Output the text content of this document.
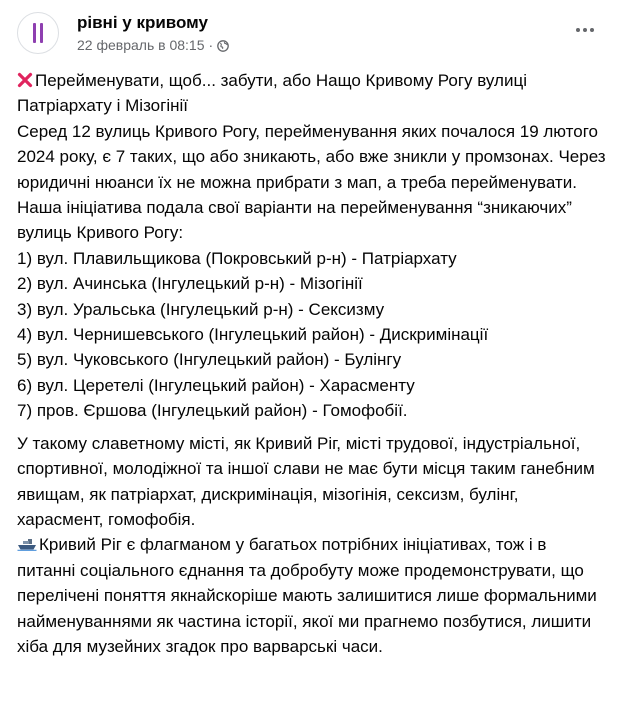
рівні у кривому
22 февраль в 08:15 ·

Перейменувати, щоб... забути, або Нащо Кривому Рогу вулиці Патріархату і Мізогінії

Серед 12 вулиць Кривого Рогу, перейменування яких почалося 19 лютого 2024 року, є 7 таких, що або зникають, або вже зникли у промзонах. Через юридичні нюанси їх не можна прибрати з мап, а треба перейменувати.

Наша ініціатива подала свої варіанти на перейменування “зникаючих” вулиць Кривого Рогу:

1) вул. Плавильщикова (Покровський р-н) - Патріархату
2) вул. Ачинська (Інгулецький р-н) - Мізогінії
3) вул. Уральська (Інгулецький р-н) - Сексизму
4) вул. Чернишевського (Інгулецький район) - Дискримінації
5) вул. Чуковського (Інгулецький район) - Булінгу
6) вул. Церетелі (Інгулецький район) - Харасменту
7) пров. Єршова (Інгулецький район) - Гомофобії.

У такому славетному місті, як Кривий Ріг, місті трудової, індустріальної, спортивної, молодіжної та іншої слави не має бути місця таким ганебним явищам, як патріархат, дискримінація, мізогінія, сексизм, булінг, харасмент, гомофобія.

Кривий Ріг є флагманом у багатьох потрібних ініціативах, тож і в питанні соціального єднання та добробуту може продемонструвати, що перелічені поняття якнайскоріше мають залишитися лише формальними найменуваннями як частина історії, якої ми прагнемо позбутися, лишити хіба для музейних згадок про варварські часи.
